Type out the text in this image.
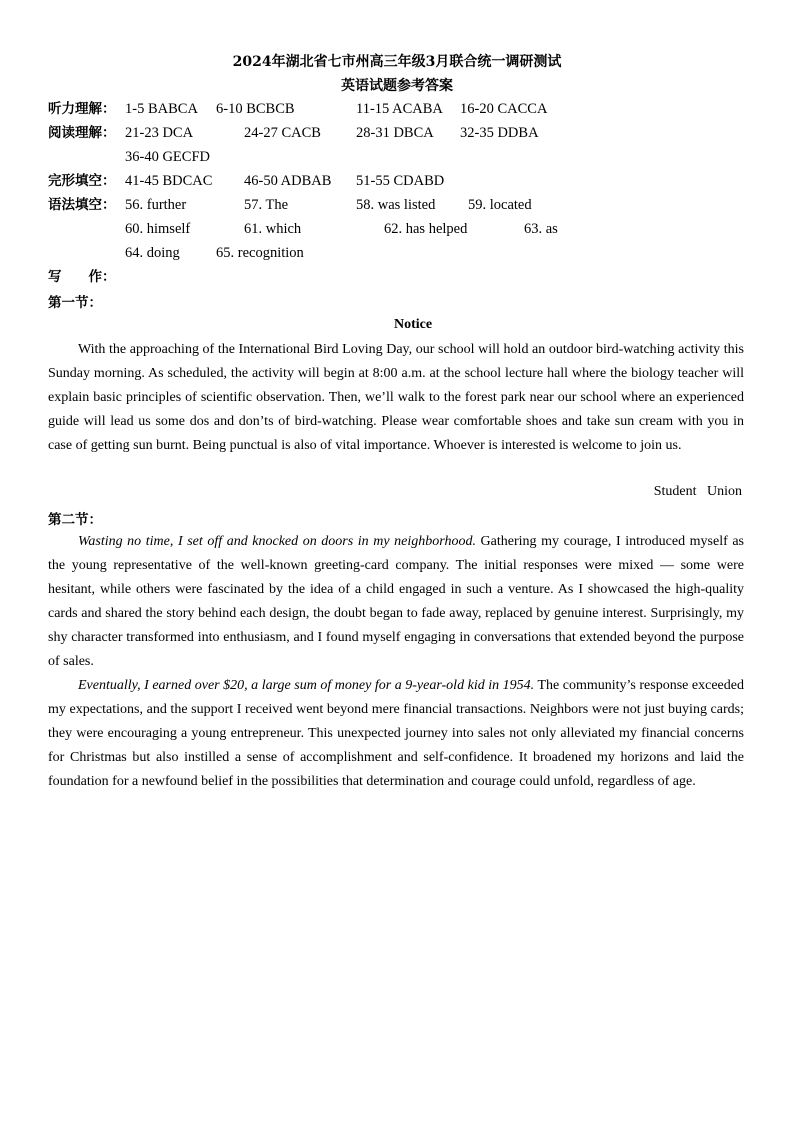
2024年湖北省七市州高三年级3月联合统一调研测试
英语试题参考答案
听力理解： 1-5 BABCA 6-10 BCBCB	11-15 ACABA 16-20 CACCA
阅读理解： 21-23 DCA	24-27 CACB 28-31 DBCA 32-35 DDBA
36-40 GECFD
完形填空： 41-45 BDCAC 46-50 ADBAB 51-55 CDABD
语法填空： 56. further	57. The	58. was listed 59. located
60. himself	61. which	62. has helped	63. as
64. doing 65. recognition
写　　作：
第一节：
Notice

With the approaching of the International Bird Loving Day, our school will hold an outdoor bird-watching activity this Sunday morning. As scheduled, the activity will begin at 8:00 a.m. at the school lecture hall where the biology teacher will explain basic principles of scientific observation. Then, we’ll walk to the forest park near our school where an experienced guide will lead us some dos and don’ts of bird-watching. Please wear comfortable shoes and take sun cream with you in case of getting sun burnt. Being punctual is also of vital importance. Whoever is interested is welcome to join us.

Student   Union
第二节：

Wasting no time, I set off and knocked on doors in my neighborhood. Gathering my courage, I introduced myself as the young representative of the well-known greeting-card company. The initial responses were mixed — some were hesitant, while others were fascinated by the idea of a child engaged in such a venture. As I showcased the high-quality cards and shared the story behind each design, the doubt began to fade away, replaced by genuine interest. Surprisingly, my shy character transformed into enthusiasm, and I found myself engaging in conversations that extended beyond the purpose of sales.

Eventually, I earned over $20, a large sum of money for a 9-year-old kid in 1954. The community’s response exceeded my expectations, and the support I received went beyond mere financial transactions. Neighbors were not just buying cards; they were encouraging a young entrepreneur. This unexpected journey into sales not only alleviated my financial concerns for Christmas but also instilled a sense of accomplishment and self-confidence. It broadened my horizons and laid the foundation for a newfound belief in the possibilities that determination and courage could unfold, regardless of age.
